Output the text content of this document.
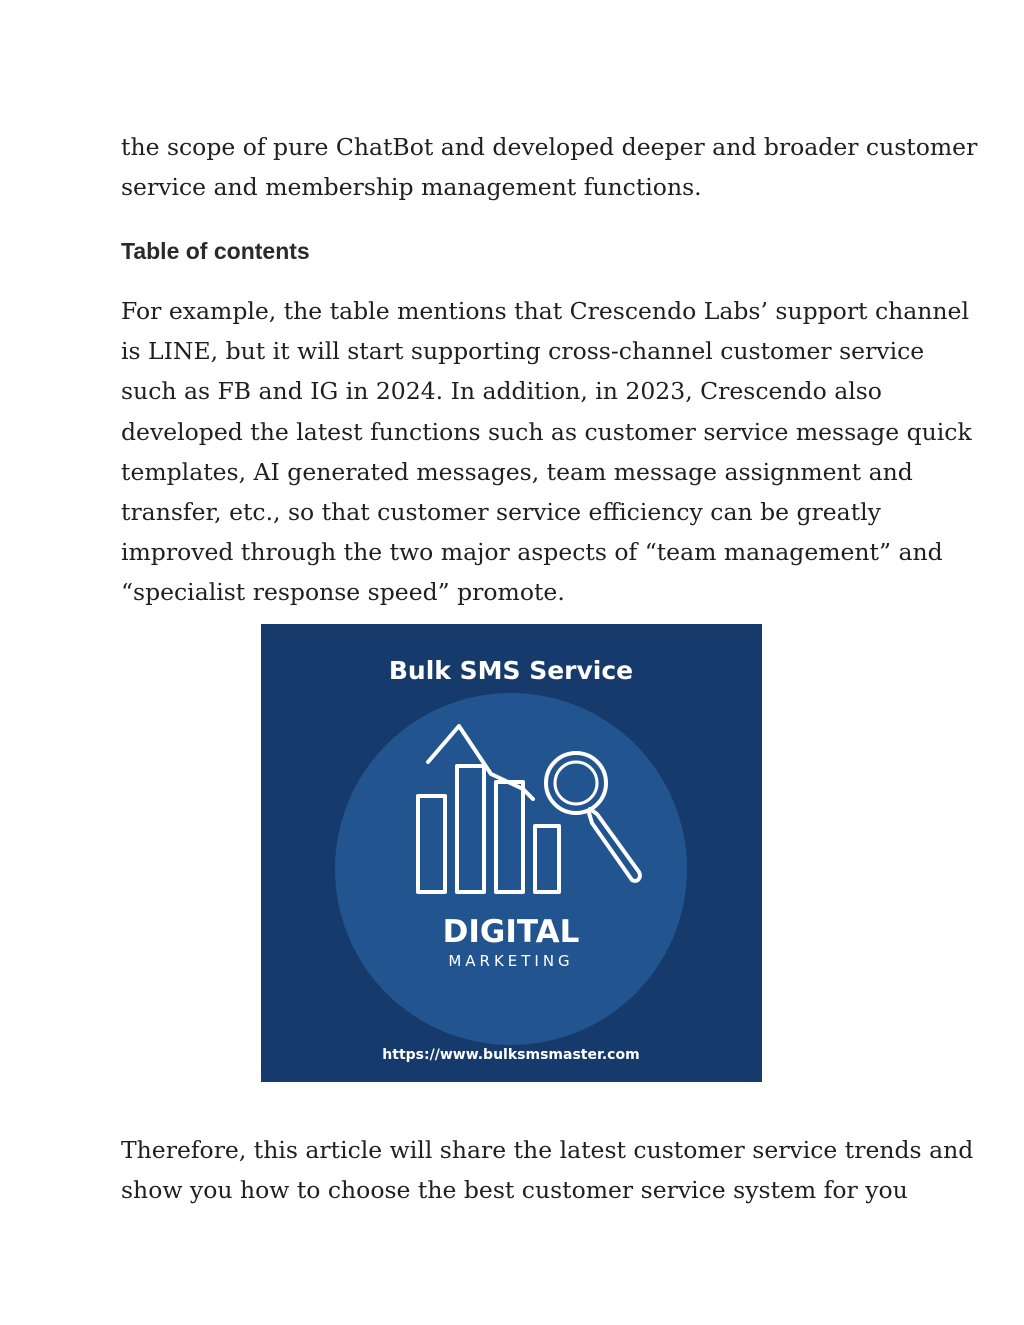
the scope of pure ChatBot and developed deeper and broader customer
service and membership management functions.

Table of contents

For example, the table mentions that Crescendo Labs’ support channel
is LINE, but it will start supporting cross-channel customer service
such as FB and IG in 2024. In addition, in 2023, Crescendo also
developed the latest functions such as customer service message quick
templates, AI generated messages, team message assignment and
transfer, etc., so that customer service efficiency can be greatly
improved through the two major aspects of “team management” and
“specialist response speed” promote.

Bulk SMS Service
DIGITAL
MARKETING
https://www.bulksmsmaster.com

Therefore, this article will share the latest customer service trends and
show you how to choose the best customer service system for you
